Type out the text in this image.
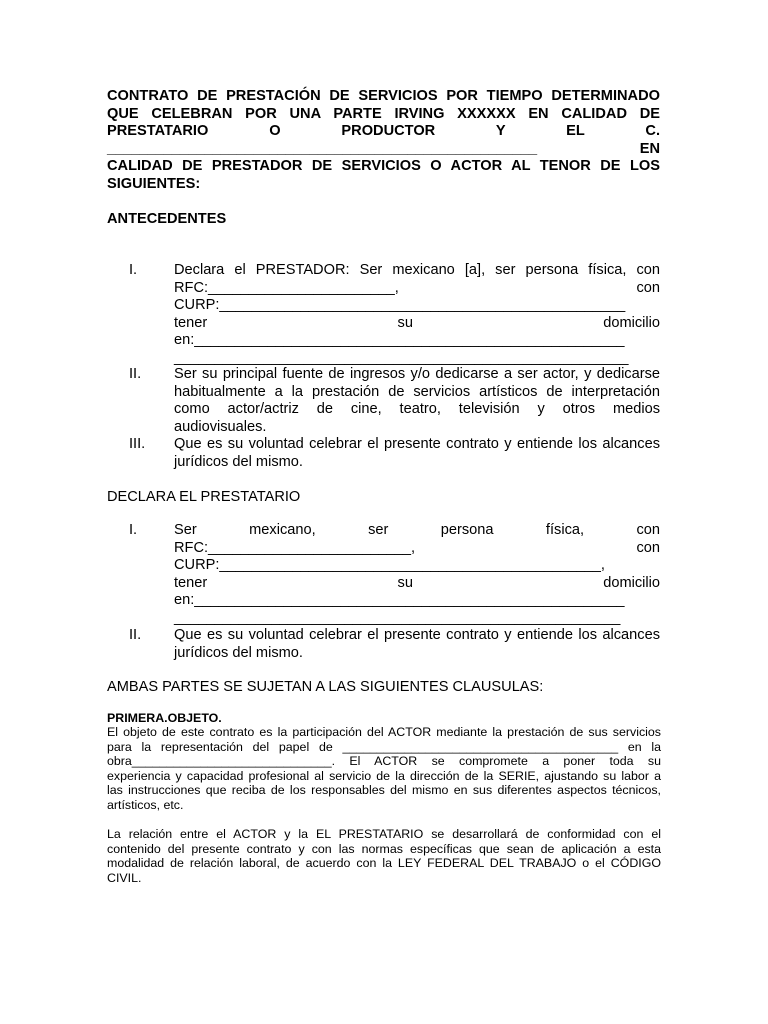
CONTRATO DE PRESTACIÓN DE SERVICIOS POR TIEMPO DETERMINADO
QUE CELEBRAN POR UNA PARTE IRVING XXXXXX EN CALIDAD DE
PRESTATARIO O PRODUCTOR Y EL C.
_____________________________________________________ EN
CALIDAD DE PRESTADOR DE SERVICIOS O ACTOR AL TENOR DE LOS
SIGUIENTES:
ANTECEDENTES
I.	Declara el PRESTADOR: Ser mexicano [a], ser persona física, con
RFC:_______________________, con
CURP:__________________________________________________
tener su domicilio
en:_____________________________________________________
________________________________________________________
II. Ser su principal fuente de ingresos y/o dedicarse a ser actor, y dedicarse
habitualmente a la prestación de servicios artísticos de interpretación
como actor/actriz de cine, teatro, televisión y otros medios
audiovisuales.
III. Que es su voluntad celebrar el presente contrato y entiende los alcances
jurídicos del mismo.
DECLARA EL PRESTATARIO
I.	Ser mexicano, ser persona física, con
RFC:_________________________, con
CURP:_______________________________________________,
tener su domicilio
en:_____________________________________________________
_______________________________________________________
II. Que es su voluntad celebrar el presente contrato y entiende los alcances
jurídicos del mismo.
AMBAS PARTES SE SUJETAN A LAS SIGUIENTES CLAUSULAS:
PRIMERA.OBJETO.
El objeto de este contrato es la participación del ACTOR mediante la prestación de sus servicios
para la representación del papel de ________________________________________ en la
obra_____________________________. El ACTOR se compromete a poner toda su
experiencia y capacidad profesional al servicio de la dirección de la SERIE, ajustando su labor a
las instrucciones que reciba de los responsables del mismo en sus diferentes aspectos técnicos,
artísticos, etc.
La relación entre el ACTOR y la EL PRESTATARIO se desarrollará de conformidad con el
contenido del presente contrato y con las normas específicas que sean de aplicación a esta
modalidad de relación laboral, de acuerdo con la LEY FEDERAL DEL TRABAJO o el CÓDIGO
CIVIL.
